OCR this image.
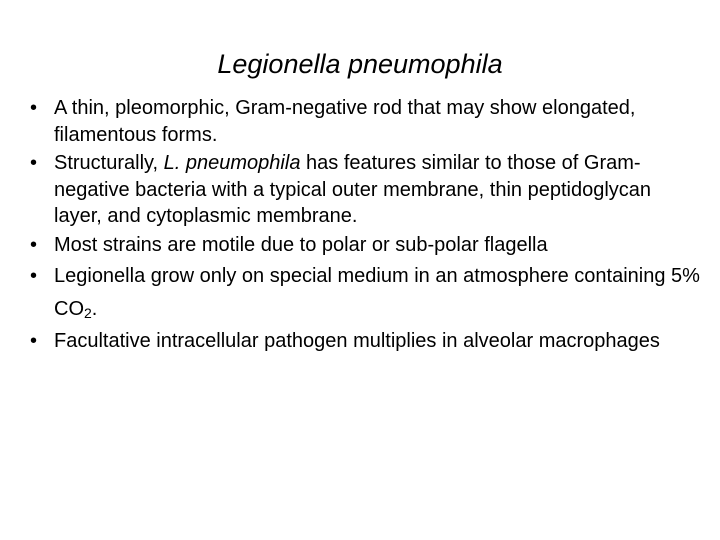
Legionella pneumophila
• A thin, pleomorphic, Gram-negative rod that may show elongated, filamentous forms.
• Structurally, L. pneumophila has features similar to those of Gram-negative bacteria with a typical outer membrane, thin peptidoglycan layer, and cytoplasmic membrane.
• Most strains are motile due to polar or sub-polar flagella
• Legionella grow only on special medium in an atmosphere containing 5% $CO_2$.
• Facultative intracellular pathogen multiplies in alveolar macrophages
